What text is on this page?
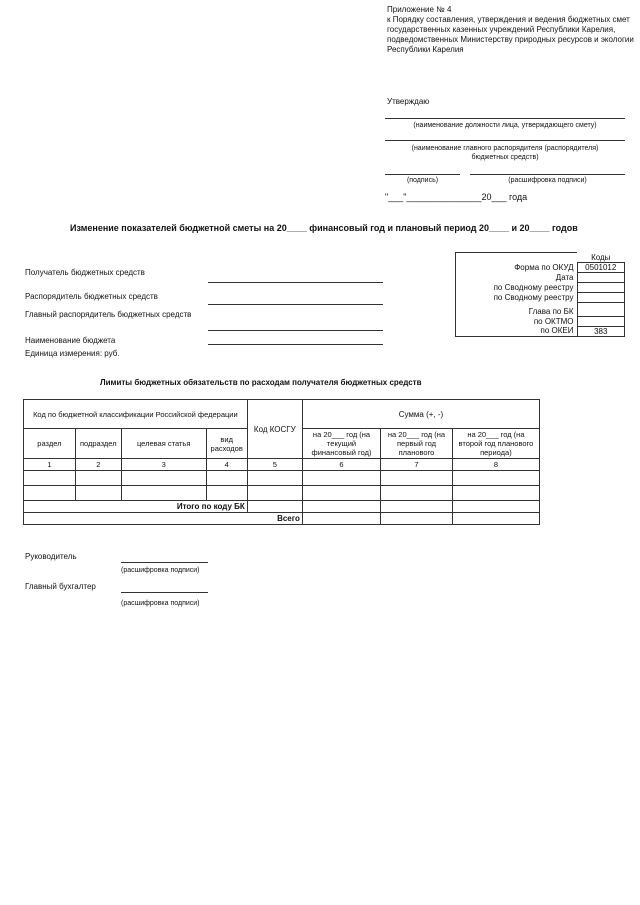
Приложение № 4
к Порядку составления, утверждения и ведения бюджетных смет государственных казенных учреждений Республики Карелия, подведомственных Министерству природных ресурсов и экологии Республики Карелия
Утверждаю
(наименование должности лица, утверждающего смету)
(наименование главного распорядителя (распорядителя) бюджетных средств)
(подпись)	(расшифровка подписи)
"___"_______________20___ года
Изменение показателей бюджетной сметы на 20____ финансовый год и плановый период 20____ и 20____ годов
Получатель бюджетных средств
Распорядитель бюджетных средств
Главный распорядитель бюджетных средств
Наименование бюджета
Единица измерения: руб.
	Коды
Форма по ОКУД	0501012
Дата	
по Сводному реестру	
по Сводному реестру	
Глава по БК	
по ОКТМО	
по ОКЕИ	383
Лимиты бюджетных обязательств по расходам получателя бюджетных средств
Код по бюджетной классификации Российской федерации				Код КОСГУ	Сумма (+, -)		
раздел	подраздел	целевая статья	вид расходов		на 20___ год (на текущий финансовый год)	на 20___ год (на первый год планового	на 20___ год (на второй год планового периода)
1	2	3	4	5	6	7	8

Итого по коду БК							
Всего							
Руководитель
(расшифровка подписи)
Главный бухгалтер
(расшифровка подписи)
